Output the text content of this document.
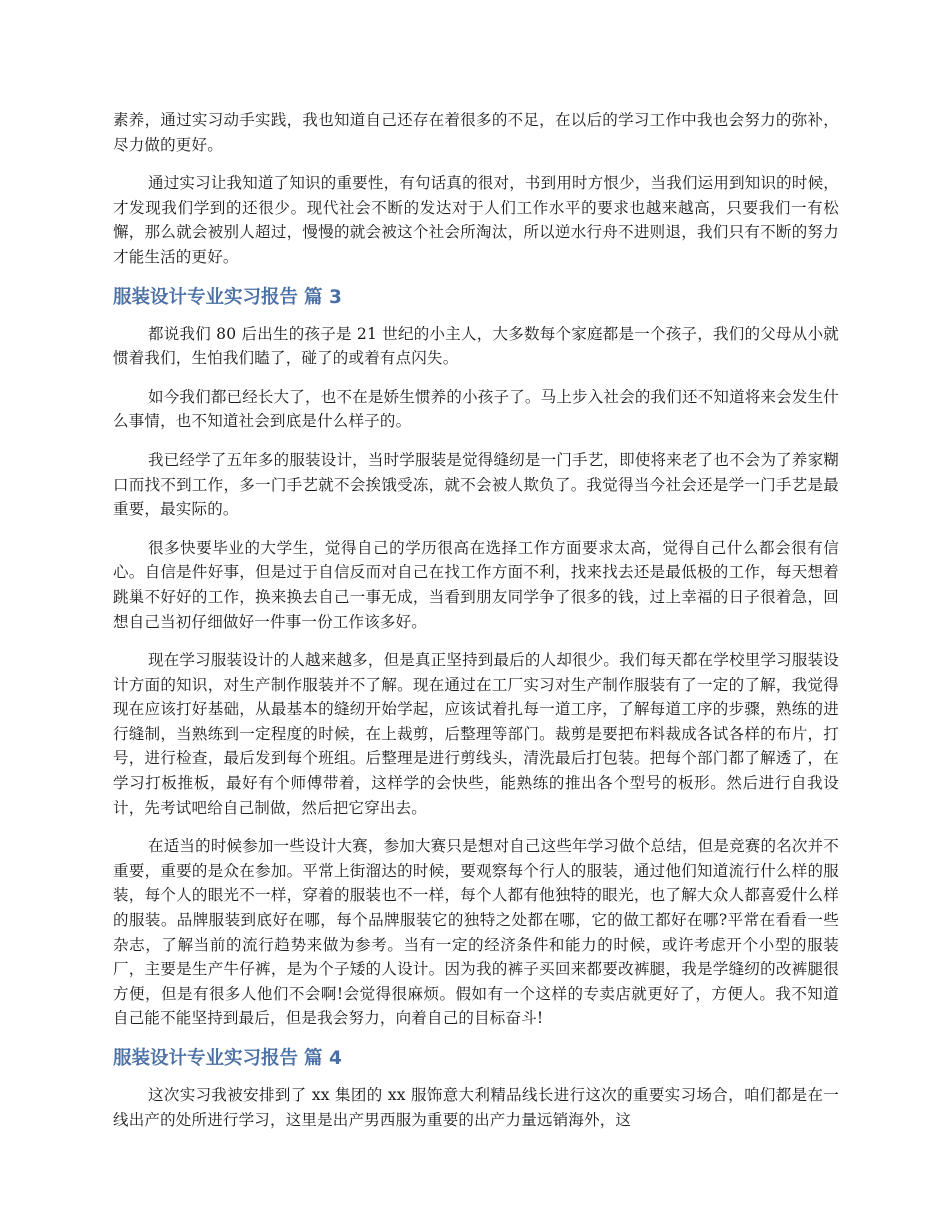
素养，通过实习动手实践，我也知道自己还存在着很多的不足，在以后的学习工作中我也会努力的弥补，尽力做的更好。

通过实习让我知道了知识的重要性，有句话真的很对，书到用时方恨少，当我们运用到知识的时候，才发现我们学到的还很少。现代社会不断的发达对于人们工作水平的要求也越来越高，只要我们一有松懈，那么就会被别人超过，慢慢的就会被这个社会所淘汰，所以逆水行舟不进则退，我们只有不断的努力才能生活的更好。

服装设计专业实习报告 篇 3

都说我们 80 后出生的孩子是 21 世纪的小主人，大多数每个家庭都是一个孩子，我们的父母从小就惯着我们，生怕我们瞌了，碰了的或着有点闪失。

如今我们都已经长大了，也不在是娇生惯养的小孩子了。马上步入社会的我们还不知道将来会发生什么事情，也不知道社会到底是什么样子的。

我已经学了五年多的服装设计，当时学服装是觉得缝纫是一门手艺，即使将来老了也不会为了养家糊口而找不到工作，多一门手艺就不会挨饿受冻，就不会被人欺负了。我觉得当今社会还是学一门手艺是最重要，最实际的。

很多快要毕业的大学生，觉得自己的学历很高在选择工作方面要求太高，觉得自己什么都会很有信心。自信是件好事，但是过于自信反而对自己在找工作方面不利，找来找去还是最低极的工作，每天想着跳巢不好好的工作，换来换去自己一事无成，当看到朋友同学争了很多的钱，过上幸福的日子很着急，回想自己当初仔细做好一件事一份工作该多好。

现在学习服装设计的人越来越多，但是真正坚持到最后的人却很少。我们每天都在学校里学习服装设计方面的知识，对生产制作服装并不了解。现在通过在工厂实习对生产制作服装有了一定的了解，我觉得现在应该打好基础，从最基本的缝纫开始学起，应该试着扎每一道工序，了解每道工序的步骤，熟练的进行缝制，当熟练到一定程度的时候，在上裁剪，后整理等部门。裁剪是要把布料裁成各试各样的布片，打号，进行检查，最后发到每个班组。后整理是进行剪线头，清洗最后打包装。把每个部门都了解透了，在学习打板推板，最好有个师傅带着，这样学的会快些，能熟练的推出各个型号的板形。然后进行自我设计，先考试吧给自己制做，然后把它穿出去。

在适当的时候参加一些设计大赛，参加大赛只是想对自己这些年学习做个总结，但是竞赛的名次并不重要，重要的是众在参加。平常上街溜达的时候，要观察每个行人的服装，通过他们知道流行什么样的服装，每个人的眼光不一样，穿着的服装也不一样，每个人都有他独特的眼光，也了解大众人都喜爱什么样的服装。品牌服装到底好在哪，每个品牌服装它的独特之处都在哪，它的做工都好在哪?平常在看看一些杂志，了解当前的流行趋势来做为参考。当有一定的经济条件和能力的时候，或许考虑开个小型的服装厂，主要是生产牛仔裤，是为个子矮的人设计。因为我的裤子买回来都要改裤腿，我是学缝纫的改裤腿很方便，但是有很多人他们不会啊!会觉得很麻烦。假如有一个这样的专卖店就更好了，方便人。我不知道自己能不能坚持到最后，但是我会努力，向着自己的目标奋斗!

服装设计专业实习报告 篇 4

这次实习我被安排到了 xx 集团的 xx 服饰意大利精品线长进行这次的重要实习场合，咱们都是在一线出产的处所进行学习，这里是出产男西服为重要的出产力量远销海外，这
